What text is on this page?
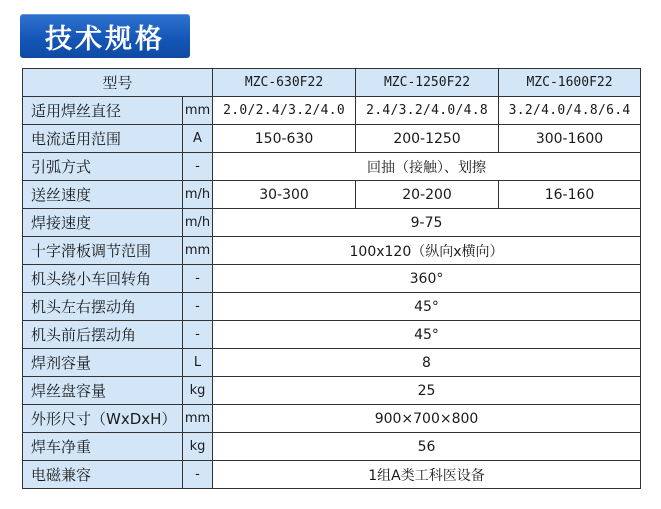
技术规格
型号		MZC-630F22	MZC-1250F22	MZC-1600F22
适用焊丝直径	mm	2.0/2.4/3.2/4.0	2.4/3.2/4.0/4.8	3.2/4.0/4.8/6.4
电流适用范围	A	150-630	200-1250	300-1600
引弧方式	-	回抽（接触）、划擦		
送丝速度	m/h	30-300	20-200	16-160
焊接速度	m/h	9-75		
十字滑板调节范围	mm	100x120（纵向x横向）		
机头绕小车回转角	-	360°		
机头左右摆动角	-	45°		
机头前后摆动角	-	45°		
焊剂容量	L	8		
焊丝盘容量	kg	25		
外形尺寸（WxDxH）	mm	900×700×800		
焊车净重	kg	56		
电磁兼容	-	1组A类工科医设备		
